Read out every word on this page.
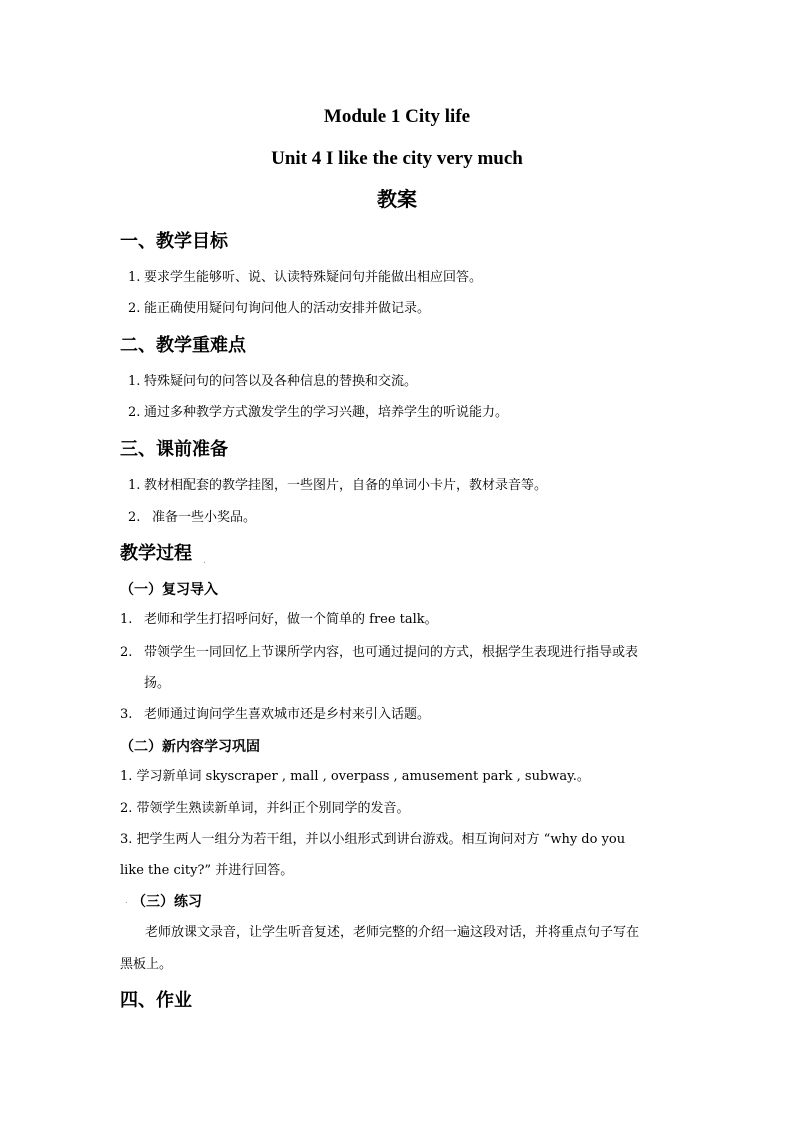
Module 1 City life
Unit 4 I like the city very much
教案
一、教学目标
1. 要求学生能够听、说、认读特殊疑问句并能做出相应回答。
2. 能正确使用疑问句询问他人的活动安排并做记录。
二、教学重难点
1. 特殊疑问句的问答以及各种信息的替换和交流。
2. 通过多种教学方式激发学生的学习兴趣，培养学生的听说能力。
三、课前准备
1. 教材相配套的教学挂图，一些图片，自备的单词小卡片，教材录音等。
2. 准备一些小奖品。
教学过程 .
（一）复习导入
1. 老师和学生打招呼问好，做一个简单的 free talk。
2. 带领学生一同回忆上节课所学内容，也可通过提问的方式，根据学生表现进行指导或表
扬。
3. 老师通过询问学生喜欢城市还是乡村来引入话题。
（二）新内容学习巩固
1. 学习新单词 skyscraper , mall , overpass , amusement park , subway.。
2. 带领学生熟读新单词，并纠正个别同学的发音。
3. 把学生两人一组分为若干组，并以小组形式到讲台游戏。相互询问对方 “why do you
like the city?” 并进行回答。
. （三）练习
老师放课文录音，让学生听音复述，老师完整的介绍一遍这段对话，并将重点句子写在
黑板上。
四、作业
